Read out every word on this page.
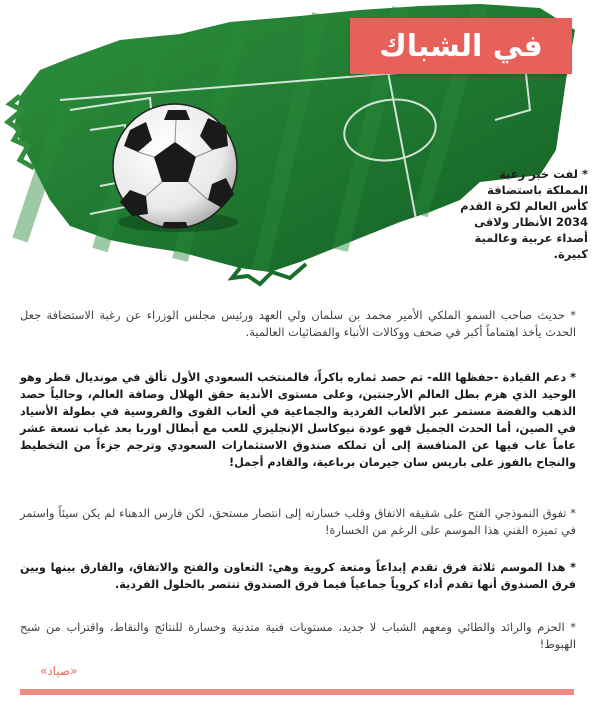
في الشباك
* لفت خبر رغبة المملكة باستضافة كأس العالم لكرة القدم 2034 الأنظار ولاقى أصداء عربية وعالمية كبيرة.

* حديث صاحب السمو الملكي الأمير محمد بن سلمان ولي العهد ورئيس مجلس الوزراء عن رغبة الاستضافة جعل الحدث يأخذ اهتماماً أكبر في صحف ووكالات الأنباء والفضائيات العالمية.

* دعم القيادة -حفظها الله- تم حصد ثماره باكراً، فالمنتخب السعودي الأول تألق في مونديال قطر وهو الوحيد الذي هزم بطل العالم الأرجنتين، وعلى مستوى الأندية حقق الهلال وصافة العالم، وحالياً حصد الذهب والفضة مستمر عبر الألعاب الفردية والجماعية في ألعاب القوى والفروسية في بطولة الأسياد في الصين، أما الحدث الجميل فهو عودة نيوكاسل الإنجليزي للعب مع أبطال اوربا بعد غياب تسعة عشر عاماً غاب فيها عن المنافسة إلى أن تملكه صندوق الاستثمارات السعودي وترجم جزءاً من التخطيط والنجاح بالفوز على باريس سان جيرمان برباعية، والقادم أجمل!

* تفوق النموذجي الفتح على شقيقه الاتفاق وقلب خسارته إلى انتصار مستحق، لكن فارس الدهناء لم يكن سيئاً واستمر في تميزه الفني هذا الموسم على الرغم من الخسارة!

* هذا الموسم ثلاثة فرق تقدم إبداعاً ومتعة كروية وهي: التعاون والفتح والاتفاق، والفارق بينها وبين فرق الصندوق أنها تقدم أداء كروياً جماعياً فيما فرق الصندوق تنتصر بالحلول الفردية.

* الحزم والرائد والطائي ومعهم الشباب لا جديد، مستويات فنية متدنية وخسارة للنتائج والنقاط، واقتراب من شبح الهبوط!

«صياد»
